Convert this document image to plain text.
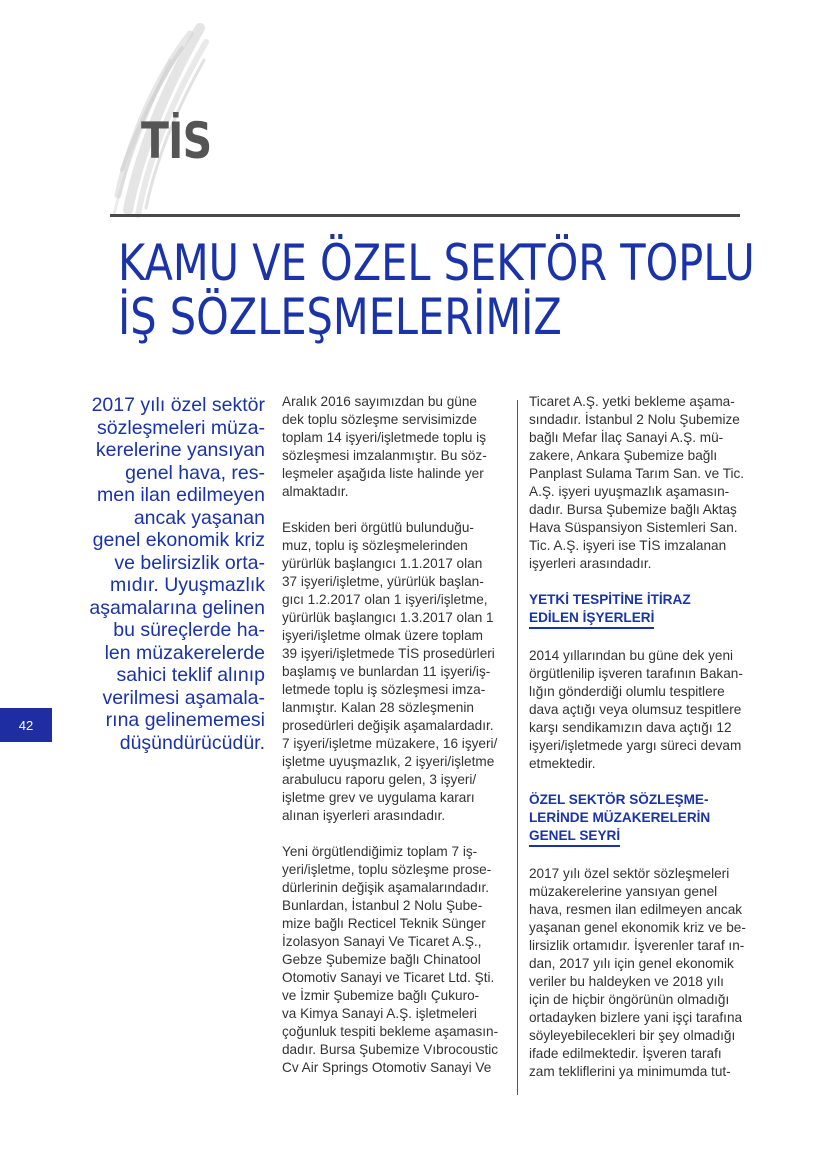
TİS
KAMU VE ÖZEL SEKTÖR TOPLU
İŞ SÖZLEŞMELERİMİZ
2017 yılı özel sektör
sözleşmeleri müza-
kerelerine yansıyan
genel hava, res-
men ilan edilmeyen
ancak yaşanan
genel ekonomik kriz
ve belirsizlik orta-
mıdır. Uyuşmazlık
aşamalarına gelinen
bu süreçlerde ha-
len müzakerelerde
sahici teklif alınıp
verilmesi aşamala-
rına gelinememesi
düşündürücüdür.
42

Aralık 2016 sayımızdan bu güne
dek toplu sözleşme servisimizde
toplam 14 işyeri/işletmede toplu iş
sözleşmesi imzalanmıştır. Bu söz-
leşmeler aşağıda liste halinde yer
almaktadır.

Eskiden beri örgütlü bulunduğu-
muz, toplu iş sözleşmelerinden
yürürlük başlangıcı 1.1.2017 olan
37 işyeri/işletme, yürürlük başlan-
gıcı 1.2.2017 olan 1 işyeri/işletme,
yürürlük başlangıcı 1.3.2017 olan 1
işyeri/işletme olmak üzere toplam
39 işyeri/işletmede TİS prosedürleri
başlamış ve bunlardan 11 işyeri/iş-
letmede toplu iş sözleşmesi imza-
lanmıştır. Kalan 28 sözleşmenin
prosedürleri değişik aşamalardadır.
7 işyeri/işletme müzakere, 16 işyeri/
işletme uyuşmazlık, 2 işyeri/işletme
arabulucu raporu gelen, 3 işyeri/
işletme grev ve uygulama kararı
alınan işyerleri arasındadır.

Yeni örgütlendiğimiz toplam 7 iş-
yeri/işletme, toplu sözleşme prose-
dürlerinin değişik aşamalarındadır.
Bunlardan, İstanbul 2 Nolu Şube-
mize bağlı Recticel Teknik Sünger
İzolasyon Sanayi Ve Ticaret A.Ş.,
Gebze Şubemize bağlı Chinatool
Otomotiv Sanayi ve Ticaret Ltd. Şti.
ve İzmir Şubemize bağlı Çukuro-
va Kimya Sanayi A.Ş. işletmeleri
çoğunluk tespiti bekleme aşamasın-
dadır. Bursa Şubemize Vıbrocoustic
Cv Air Springs Otomotiv Sanayi Ve

Ticaret A.Ş. yetki bekleme aşama-
sındadır. İstanbul 2 Nolu Şubemize
bağlı Mefar İlaç Sanayi A.Ş. mü-
zakere, Ankara Şubemize bağlı
Panplast Sulama Tarım San. ve Tic.
A.Ş. işyeri uyuşmazlık aşamasın-
dadır. Bursa Şubemize bağlı Aktaş
Hava Süspansiyon Sistemleri San.
Tic. A.Ş. işyeri ise TİS imzalanan
işyerleri arasındadır.

YETKİ TESPİTİNE İTİRAZ
EDİLEN İŞYERLERİ

2014 yıllarından bu güne dek yeni
örgütlenilip işveren tarafının Bakan-
lığın gönderdiği olumlu tespitlere
dava açtığı veya olumsuz tespitlere
karşı sendikamızın dava açtığı 12
işyeri/işletmede yargı süreci devam
etmektedir.

ÖZEL SEKTÖR SÖZLEŞME-
LERİNDE MÜZAKERELERİN
GENEL SEYRİ

2017 yılı özel sektör sözleşmeleri
müzakerelerine yansıyan genel
hava, resmen ilan edilmeyen ancak
yaşanan genel ekonomik kriz ve be-
lirsizlik ortamıdır. İşverenler taraf ın-
dan, 2017 yılı için genel ekonomik
veriler bu haldeyken ve 2018 yılı
için de hiçbir öngörünün olmadığı
ortadayken bizlere yani işçi tarafına
söyleyebilecekleri bir şey olmadığı
ifade edilmektedir. İşveren tarafı
zam tekliflerini ya minimumda tut-
